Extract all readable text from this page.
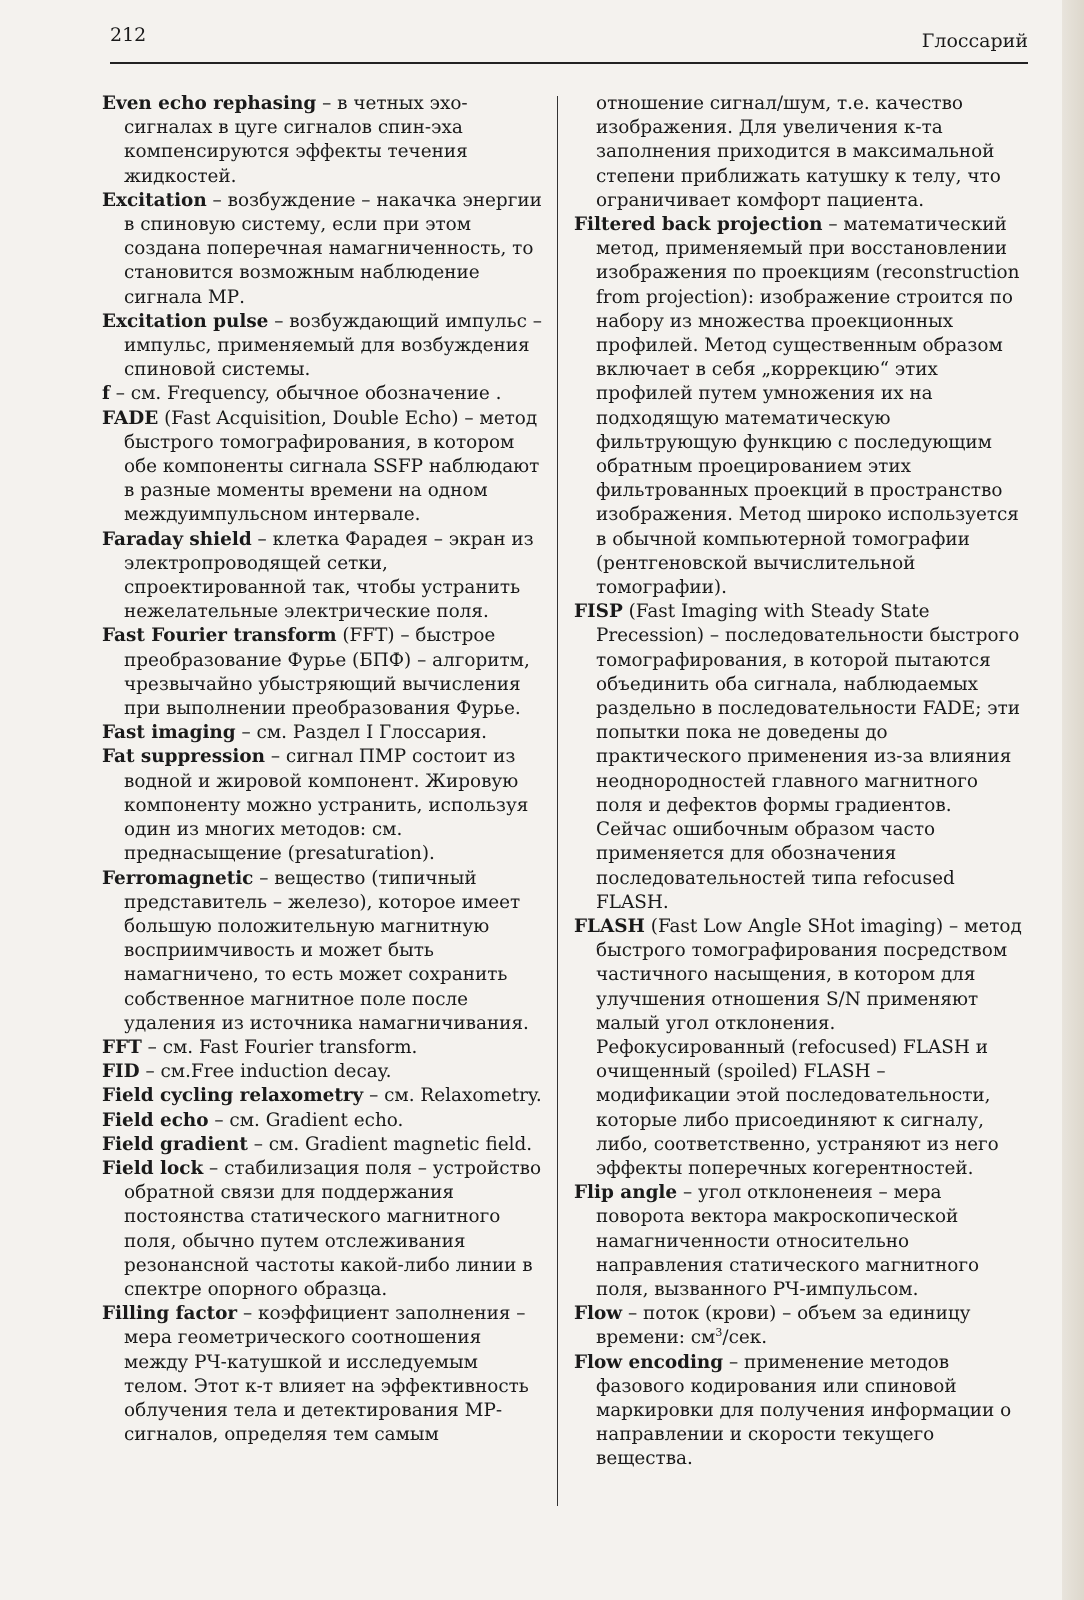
212	Глоссарий

Even echo rephasing – в четных эхо-сигналах в цуге сигналов спин-эха компенсируются эффекты течения жидкостей.

Excitation – возбуждение – накачка энергии в спиновую систему, если при этом создана поперечная намагниченность, то становится возможным наблюдение сигнала МР.

Excitation pulse – возбуждающий импульс – импульс, применяемый для возбуждения спиновой системы.

f – см. Frequency, обычное обозначение .

FADE (Fast Acquisition, Double Echo) – метод быстрого томографирования, в котором обе компоненты сигнала SSFP наблюдают в разные моменты времени на одном междуимпульсном интервале.

Faraday shield – клетка Фарадея – экран из электропроводящей сетки, спроектированной так, чтобы устранить нежелательные электрические поля.

Fast Fourier transform (FFT) – быстрое преобразование Фурье (БПФ) – алгоритм, чрезвычайно убыстряющий вычисления при выполнении преобразования Фурье.

Fast imaging – см. Раздел I Глоссария.

Fat suppression – сигнал ПМР состоит из водной и жировой компонент. Жировую компоненту можно устранить, используя один из многих методов: см. преднасыщение (presaturation).

Ferromagnetic – вещество (типичный представитель – железо), которое имеет большую положительную магнитную восприимчивость и может быть намагничено, то есть может сохранить собственное магнитное поле после удаления из источника намагничивания.

FFT – см. Fast Fourier transform.

FID – см.Free induction decay.

Field cycling relaxometry – см. Relaxometry.

Field echo – см. Gradient echo.

Field gradient – см. Gradient magnetic field.

Field lock – стабилизация поля – устройство обратной связи для поддержания постоянства статического магнитного поля, обычно путем отслеживания резонансной частоты какой-либо линии в спектре опорного образца.

Filling factor – коэффициент заполнения – мера геометрического соотношения между РЧ-катушкой и исследуемым телом. Этот к-т влияет на эффективность облучения тела и детектирования МР-сигналов, определяя тем самым

отношение сигнал/шум, т.е. качество изображения. Для увеличения к-та заполнения приходится в максимальной степени приближать катушку к телу, что ограничивает комфорт пациента.

Filtered back projection – математический метод, применяемый при восстановлении изображения по проекциям (reconstruction from projection): изображение строится по набору из множества проекционных профилей. Метод существенным образом включает в себя „коррекцию“ этих профилей путем умножения их на подходящую математическую фильтрующую функцию с последующим обратным проецированием этих фильтрованных проекций в пространство изображения. Метод широко используется в обычной компьютерной томографии (рентгеновской вычислительной томографии).

FISP (Fast Imaging with Steady State Precession) – последовательности быстрого томографирования, в которой пытаются объединить оба сигнала, наблюдаемых раздельно в последовательности FADE; эти попытки пока не доведены до практического применения из-за влияния неоднородностей главного магнитного поля и дефектов формы градиентов. Сейчас ошибочным образом часто применяется для обозначения последовательностей типа refocused FLASH.

FLASH (Fast Low Angle SHot imaging) – метод быстрого томографирования посредством частичного насыщения, в котором для улучшения отношения S/N применяют малый угол отклонения. Рефокусированный (refocused) FLASH и очищенный (spoiled) FLASH – модификации этой последовательности, которые либо присоединяют к сигналу, либо, соответственно, устраняют из него эффекты поперечных когерентностей.

Flip angle – угол отклоненеия – мера поворота вектора макроскопической намагниченности относительно направления статического магнитного поля, вызванного РЧ-импульсом.

Flow – поток (крови) – объем за единицу времени: $см^3$/сек.

Flow encoding – применение методов фазового кодирования или спиновой маркировки для получения информации о направлении и скорости текущего вещества.
